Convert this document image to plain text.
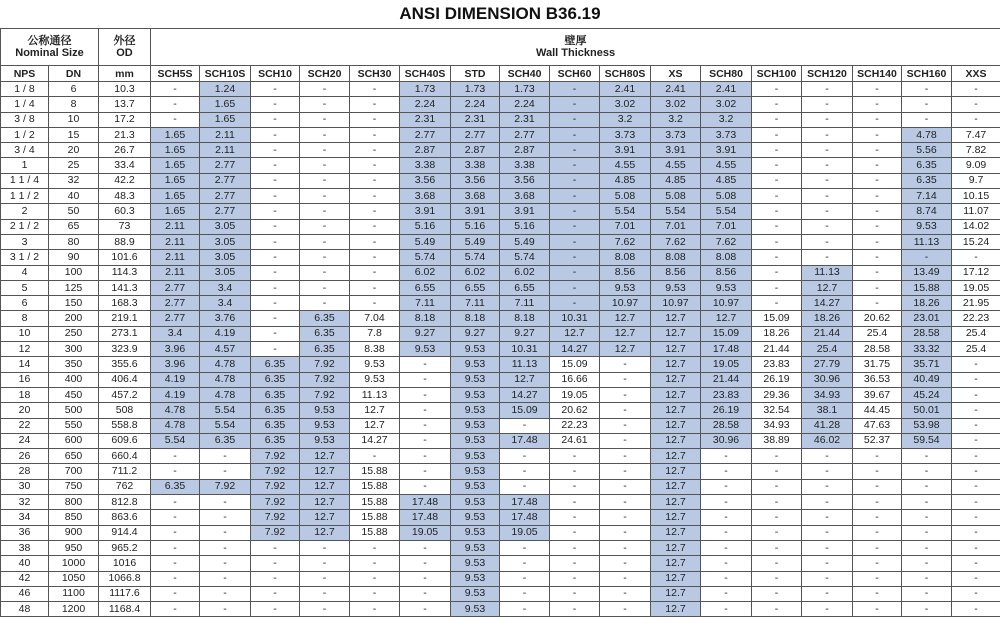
ANSI DIMENSION B36.19
公称通径
Nominal Size		外径
OD	壁厚
Wall Thickness																

NPS	DN	mm	SCH5S	SCH10S	SCH10	SCH20	SCH30	SCH40S	STD	SCH40	SCH60	SCH80S	XS	SCH80	SCH100	SCH120	SCH140	SCH160	XXS
1 / 8	6	10.3	-	1.24	-	-	-	1.73	1.73	1.73	-	2.41	2.41	2.41	-	-	-	-	-
1 / 4	8	13.7	-	1.65	-	-	-	2.24	2.24	2.24	-	3.02	3.02	3.02	-	-	-	-	-
3 / 8	10	17.2	-	1.65	-	-	-	2.31	2.31	2.31	-	3.2	3.2	3.2	-	-	-	-	-
1 / 2	15	21.3	1.65	2.11	-	-	-	2.77	2.77	2.77	-	3.73	3.73	3.73	-	-	-	4.78	7.47
3 / 4	20	26.7	1.65	2.11	-	-	-	2.87	2.87	2.87	-	3.91	3.91	3.91	-	-	-	5.56	7.82
1	25	33.4	1.65	2.77	-	-	-	3.38	3.38	3.38	-	4.55	4.55	4.55	-	-	-	6.35	9.09
1 1 / 4	32	42.2	1.65	2.77	-	-	-	3.56	3.56	3.56	-	4.85	4.85	4.85	-	-	-	6.35	9.7
1 1 / 2	40	48.3	1.65	2.77	-	-	-	3.68	3.68	3.68	-	5.08	5.08	5.08	-	-	-	7.14	10.15
2	50	60.3	1.65	2.77	-	-	-	3.91	3.91	3.91	-	5.54	5.54	5.54	-	-	-	8.74	11.07
2 1 / 2	65	73	2.11	3.05	-	-	-	5.16	5.16	5.16	-	7.01	7.01	7.01	-	-	-	9.53	14.02
3	80	88.9	2.11	3.05	-	-	-	5.49	5.49	5.49	-	7.62	7.62	7.62	-	-	-	11.13	15.24
3 1 / 2	90	101.6	2.11	3.05	-	-	-	5.74	5.74	5.74	-	8.08	8.08	8.08	-	-	-	-	-
4	100	114.3	2.11	3.05	-	-	-	6.02	6.02	6.02	-	8.56	8.56	8.56	-	11.13	-	13.49	17.12
5	125	141.3	2.77	3.4	-	-	-	6.55	6.55	6.55	-	9.53	9.53	9.53	-	12.7	-	15.88	19.05
6	150	168.3	2.77	3.4	-	-	-	7.11	7.11	7.11	-	10.97	10.97	10.97	-	14.27	-	18.26	21.95
8	200	219.1	2.77	3.76	-	6.35	7.04	8.18	8.18	8.18	10.31	12.7	12.7	12.7	15.09	18.26	20.62	23.01	22.23
10	250	273.1	3.4	4.19	-	6.35	7.8	9.27	9.27	9.27	12.7	12.7	12.7	15.09	18.26	21.44	25.4	28.58	25.4
12	300	323.9	3.96	4.57	-	6.35	8.38	9.53	9.53	10.31	14.27	12.7	12.7	17.48	21.44	25.4	28.58	33.32	25.4
14	350	355.6	3.96	4.78	6.35	7.92	9.53	-	9.53	11.13	15.09	-	12.7	19.05	23.83	27.79	31.75	35.71	-
16	400	406.4	4.19	4.78	6.35	7.92	9.53	-	9.53	12.7	16.66	-	12.7	21.44	26.19	30.96	36.53	40.49	-
18	450	457.2	4.19	4.78	6.35	7.92	11.13	-	9.53	14.27	19.05	-	12.7	23.83	29.36	34.93	39.67	45.24	-
20	500	508	4.78	5.54	6.35	9.53	12.7	-	9.53	15.09	20.62	-	12.7	26.19	32.54	38.1	44.45	50.01	-
22	550	558.8	4.78	5.54	6.35	9.53	12.7	-	9.53	-	22.23	-	12.7	28.58	34.93	41.28	47.63	53.98	-
24	600	609.6	5.54	6.35	6.35	9.53	14.27	-	9.53	17.48	24.61	-	12.7	30.96	38.89	46.02	52.37	59.54	-
26	650	660.4	-	-	7.92	12.7	-	-	9.53	-	-	-	12.7	-	-	-	-	-	-
28	700	711.2	-	-	7.92	12.7	15.88	-	9.53	-	-	-	12.7	-	-	-	-	-	-
30	750	762	6.35	7.92	7.92	12.7	15.88	-	9.53	-	-	-	12.7	-	-	-	-	-	-
32	800	812.8	-	-	7.92	12.7	15.88	17.48	9.53	17.48	-	-	12.7	-	-	-	-	-	-
34	850	863.6	-	-	7.92	12.7	15.88	17.48	9.53	17.48	-	-	12.7	-	-	-	-	-	-
36	900	914.4	-	-	7.92	12.7	15.88	19.05	9.53	19.05	-	-	12.7	-	-	-	-	-	-
38	950	965.2	-	-	-	-	-	-	9.53	-	-	-	12.7	-	-	-	-	-	-
40	1000	1016	-	-	-	-	-	-	9.53	-	-	-	12.7	-	-	-	-	-	-
42	1050	1066.8	-	-	-	-	-	-	9.53	-	-	-	12.7	-	-	-	-	-	-
46	1100	1117.6	-	-	-	-	-	-	9.53	-	-	-	12.7	-	-	-	-	-	-
48	1200	1168.4	-	-	-	-	-	-	9.53	-	-	-	12.7	-	-	-	-	-	-
